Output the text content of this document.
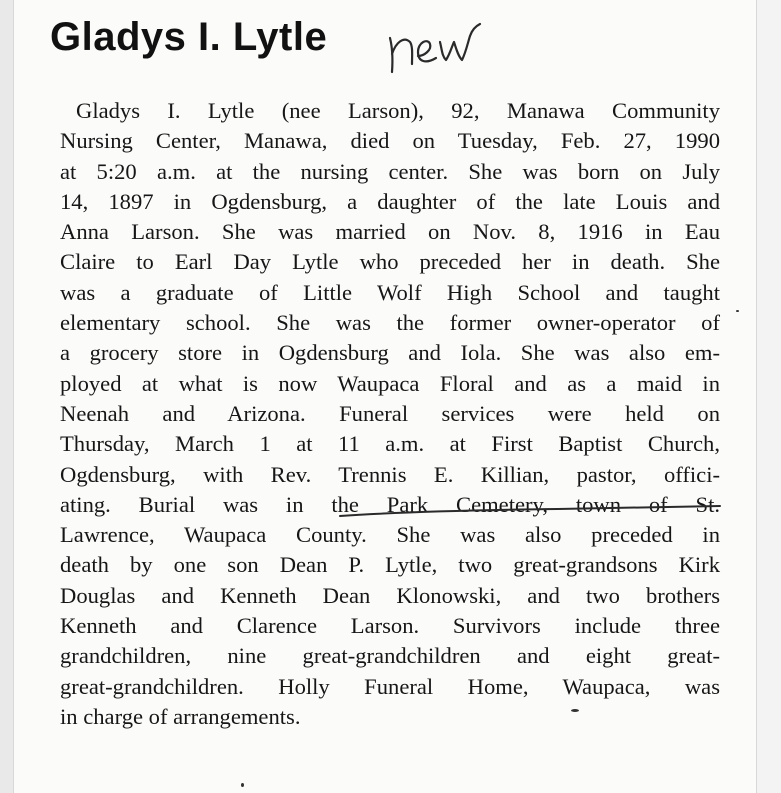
Gladys I. Lytle
Gladys I. Lytle (nee Larson), 92, Manawa Community
Nursing Center, Manawa, died on Tuesday, Feb. 27, 1990
at 5:20 a.m. at the nursing center. She was born on July
14, 1897 in Ogdensburg, a daughter of the late Louis and
Anna Larson. She was married on Nov. 8, 1916 in Eau
Claire to Earl Day Lytle who preceded her in death. She
was a graduate of Little Wolf High School and taught
elementary school. She was the former owner-operator of
a grocery store in Ogdensburg and Iola. She was also em-
ployed at what is now Waupaca Floral and as a maid in
Neenah and Arizona. Funeral services were held on
Thursday, March 1 at 11 a.m. at First Baptist Church,
Ogdensburg, with Rev. Trennis E. Killian, pastor, offici-
ating. Burial was in the Park Cemetery, town of St.
Lawrence, Waupaca County. She was also preceded in
death by one son Dean P. Lytle, two great-grandsons Kirk
Douglas and Kenneth Dean Klonowski, and two brothers
Kenneth and Clarence Larson. Survivors include three
grandchildren, nine great-grandchildren and eight great-
great-grandchildren. Holly Funeral Home, Waupaca, was
in charge of arrangements.
